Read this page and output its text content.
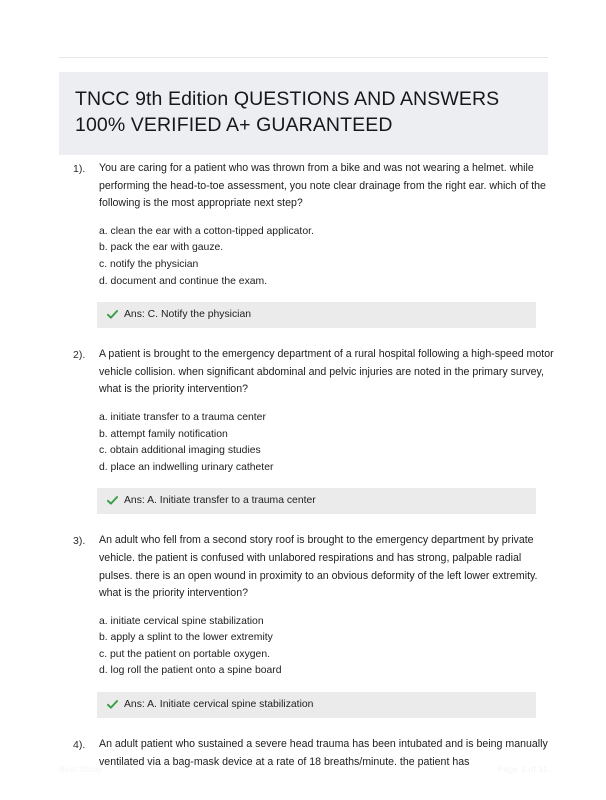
TNCC 9th Edition QUESTIONS AND ANSWERS 100% VERIFIED A+ GUARANTEED
1).	You are caring for a patient who was thrown from a bike and was not wearing a helmet. while performing the head-to-toe assessment, you note clear drainage from the right ear. which of the following is the most appropriate next step?
a. clean the ear with a cotton-tipped applicator.
b. pack the ear with gauze.
c. notify the physician
d. document and continue the exam.
Ans: C. Notify the physician
2).	A patient is brought to the emergency department of a rural hospital following a high-speed motor vehicle collision. when significant abdominal and pelvic injuries are noted in the primary survey, what is the priority intervention?
a. initiate transfer to a trauma center
b. attempt family notification
c. obtain additional imaging studies
d. place an indwelling urinary catheter
Ans: A. Initiate transfer to a trauma center
3).	An adult who fell from a second story roof is brought to the emergency department by private vehicle. the patient is confused with unlabored respirations and has strong, palpable radial pulses. there is an open wound in proximity to an obvious deformity of the left lower extremity. what is the priority intervention?
a. initiate cervical spine stabilization
b. apply a splint to the lower extremity
c. put the patient on portable oxygen.
d. log roll the patient onto a spine board
Ans: A. Initiate cervical spine stabilization
4).	An adult patient who sustained a severe head trauma has been intubated and is being manually ventilated via a bag-mask device at a rate of 18 breaths/minute. the patient has
Best Study	Page 1 of 11
